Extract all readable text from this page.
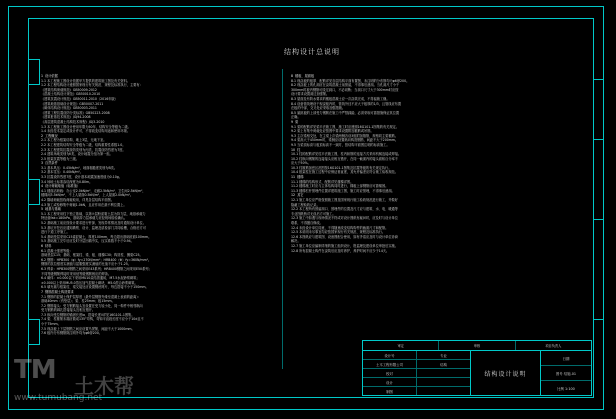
结构设计总说明

1  设计依据

1.1 本工程施工图设计依据甲方提供的建筑施工图及有关资料。

1.2 本工程结构设计遵照国家现行有关规范、规程及标准执行，主要有：

《建筑结构荷载规范》GB50009-2012

《混凝土结构设计规范》GB50010-2010

《建筑抗震设计规范》GB50011-2010（2016年版）

《建筑地基基础设计规范》GB50007-2011

《砌体结构设计规范》GB50003-2011

《建筑工程抗震设防分类标准》GB50223-2008

《建筑桩基技术规范》JGJ94-2008

《高层建筑混凝土结构技术规程》JGJ3-2010

1.3 本工程施工图设计使用年限为50年，结构安全等级为二级。

1.4 未经技术鉴定或设计许可，不得改变结构用途和使用环境。

2  工程概况

2.1 本工程为框架结构，地上3层，无地下室。

2.2 本工程建筑结构安全等级为二级，结构重要性系数1.0。

2.3 本工程建筑抗震设防类别为丙类，抗震设防烈度为7度。

2.4 建筑场地类别为II类，设计地震分组为第一组。

2.5 框架抗震等级为三级。

3  自然条件

3.1 基本风压：0.45kN/m²，地面粗糙度类别为B类。

3.2 基本雪压：0.40kN/m²。

3.3 抗震设防烈度7度，设计基本地震加速度值为0.10g。

3.4 场地土标准冻结深度为0.80m。

4  设计荷载取值（标准值）

4.1 楼面活荷载：办公室2.0kN/m²，走廊2.5kN/m²，卫生间2.5kN/m²，

楼梯间3.5kN/m²，不上人屋面0.5kN/m²，上人屋面2.0kN/m²。

4.2 隔墙荷载按线荷载取用，详见各层结构平面图。

4.3 施工或检修集中荷载1.0kN，且应作用在最不利位置上。

5  地基与基础

5.1 本工程采用柱下独立基础，以第②层粉质黏土层为持力层，地基承载力

特征值fak=180kPa，基础持力层承载力应经现场检验确认。

5.2 基础施工前应按设计要求进行钎探，发现异常情况及时通知设计单位。

5.3 基坑开挖后应通知勘察、设计、监理及质检部门共同验槽，合格后方可

进行下道工序施工。

5.4 基础垫层采用C15素混凝土，厚度100mm，每边超出基础底面100mm。

5.5 基础施工完毕后应及时分层回填夯实，压实系数不小于0.94。

6  材料

6.1 混凝土强度等级：

基础垫层C15；基础、框架柱、梁、板、楼梯C30；构造柱、圈梁C25。

6.2 钢筋：HPB300（φ）fy=270N/mm²；HRB400（Φ）fy=360N/mm²。

钢筋的抗拉强度实测值与屈服强度实测值的比值不应小于1.25。

6.3 焊条：HPB300钢筋之间采用E43系列；HRB400钢筋之间采用E50系列；

不同等级钢筋焊接时采用低等级钢筋相应的焊条。

6.4 砌体：±0.000以下采用MU10烧结普通砖，M7.5水泥砂浆砌筑；

±0.000以上采用MU5.0蒸压加气混凝土砌块，M5.0混合砂浆砌筑。

6.5 填充墙与框架柱、梁交接处应设置钢丝网片，每边搭接不小于150mm。

7  钢筋混凝土构造要求

7.1 钢筋的混凝土保护层厚度（最外层钢筋外缘至混凝土表面的距离）：

基础40mm（有垫层）；梁、柱25mm；板15mm。

7.2 钢筋接头：受力钢筋接头宜设置在受力较小处，同一构件中相邻纵向

受力钢筋的绑扎搭接接头宜相互错开。

7.3 纵向受拉钢筋的锚固长度la、搭接长度ll详见16G101-1图集。

7.4 梁、柱箍筋末端应做成135°弯钩，弯钩平直段长度不应小于10d且不

小于75mm。

7.5 现浇板上下层钢筋之间应设置马凳筋，间距不大于1000mm。

7.6 板内分布钢筋除注明外均为φ6@200。

8  楼板、屋面板

8.1 现浇板的板厚、配筋详见各层结构平面布置图，未注明的分布筋均为φ6@200。

8.2 现浇板上的孔洞应在浇筑混凝土前预留，不得事后凿洞。当孔洞尺寸小于

300mm时板内钢筋可绕过洞口，不必切断；当洞口尺寸大于300mm时应按

设计要求设置洞边加强筋。

8.3 屋面及有防水要求的楼板混凝土应一次浇筑完成，不得留施工缝。

8.4 设备管线埋设于现浇板内时，管线外径不应大于板厚的1/3，且管线应布置

在板的中部，交叉处应采取加强措施。

8.5 悬挑板的上部受力钢筋在施工中严禁踩踏，必须采取可靠措施保证其位置

正确。

9  梁

9.1 梁的配筋详见梁平法施工图，施工时应遵照16G101-1图集的有关规定。

9.2 梁上有集中荷载处应按图中要求设置附加箍筋或吊筋。

9.3 主次梁相交处，在主梁上次梁两侧各设3组附加箍筋，规格同主梁箍筋。

9.4 梁高大于450mm时，梁侧应设置纵向构造钢筋，间距不大于200mm。

9.5 当梁顶标高与板顶标高不一致时，按结构平面图注明的标高施工。

10  柱

10.1 柱的配筋详见柱平法施工图，柱内纵筋的连接方式采用机械连接或焊接。

10.2 柱纵向钢筋的连接接头应相互错开，在同一截面内的接头面积百分率不

应大于50%。

10.3 柱箍筋加密区范围按16G101-1图集及抗震等级的有关规定执行。

10.4 框架柱在施工过程中应保证垂直度，其允许偏差应符合施工验收规范。

11  楼梯

11.1 楼梯的结构形式、配筋详见楼梯详图。

11.2 楼梯施工时应与主体结构同时进行，梯板上部钢筋应可靠锚固。

11.3 楼梯栏杆预埋件位置详建筑施工图，施工时应预埋，不得事后凿洞。

12  其它

12.1 施工单位应严格按照施工图及国家现行施工验收规范进行施工，并做好

隐蔽工程验收记录。

12.2 本工程所有预留洞口、预埋件的位置及尺寸应与建筑、水、电、暖通等

专业图纸核对无误后方可施工。

12.3 施工中如遇与现场情况不符或对设计图纸有疑问时，应及时与设计单位

联系，不得擅自修改。

12.4 未经设计单位同意，不得随意改变结构构件的截面尺寸和配筋。

12.5 本说明未尽事宜均应按国家现行有关规范、规程及标准执行。

12.6 本图纸应与建筑图、设备图配合使用，如有矛盾应及时与设计单位协商

解决。

12.7 施工单位应编制详细的施工组织设计，报监理及建设单位审批后实施。

12.8 所有混凝土构件在浇筑后应及时养护，养护时间不应少于14天。

审定	审核	项目负责人
设计号	专业
土木工程有限公司	结构
校对
设计
制图
结构设计说明
日期
图号 结施-01
比例 1:100
TM
www.tumubang.net
土木帮
